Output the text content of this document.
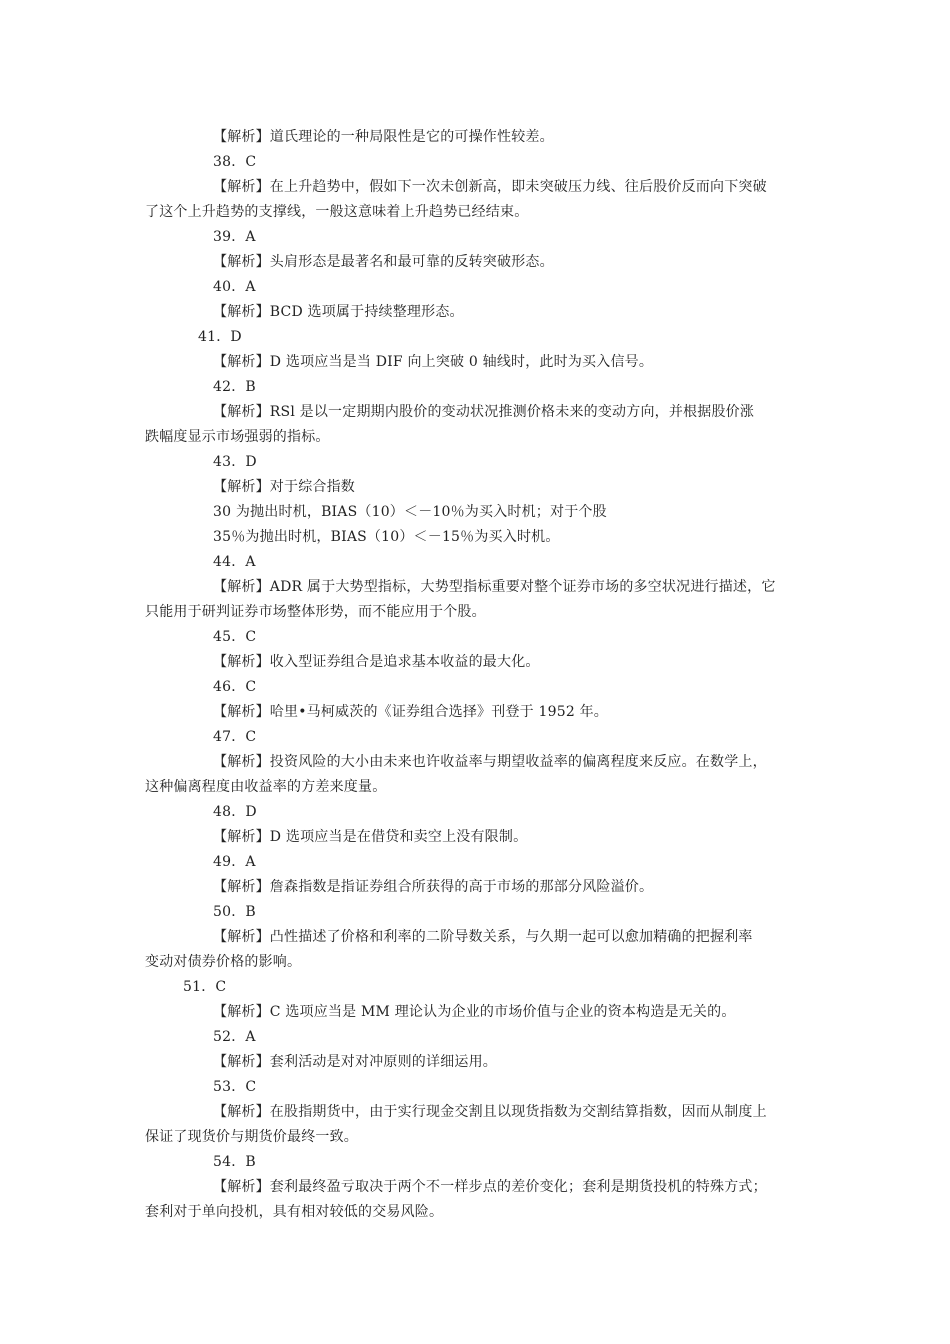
【解析】道氏理论的一种局限性是它的可操作性较差。
38．C
【解析】在上升趋势中，假如下一次未创新高，即未突破压力线、往后股价反而向下突破
了这个上升趋势的支撑线，一般这意味着上升趋势已经结束。
39．A
【解析】头肩形态是最著名和最可靠的反转突破形态。
40．A
【解析】BCD 选项属于持续整理形态。
41．D
【解析】D 选项应当是当 DIF 向上突破 0 轴线时，此时为买入信号。
42．B
【解析】RSl 是以一定期期内股价的变动状况推测价格未来的变动方向，并根据股价涨
跌幅度显示市场强弱的指标。
43．D
【解析】对于综合指数
30 为抛出时机，BIAS（10）＜－10％为买入时机；对于个股
35％为抛出时机，BIAS（10）＜－15％为买入时机。
44．A
【解析】ADR 属于大势型指标，大势型指标重要对整个证券市场的多空状况进行描述，它
只能用于研判证券市场整体形势，而不能应用于个股。
45．C
【解析】收入型证券组合是追求基本收益的最大化。
46．C
【解析】哈里•马柯威茨的《证券组合选择》刊登于 1952 年。
47．C
【解析】投资风险的大小由未来也许收益率与期望收益率的偏离程度来反应。在数学上，
这种偏离程度由收益率的方差来度量。
48．D
【解析】D 选项应当是在借贷和卖空上没有限制。
49．A
【解析】詹森指数是指证券组合所获得的高于市场的那部分风险溢价。
50．B
【解析】凸性描述了价格和利率的二阶导数关系，与久期一起可以愈加精确的把握利率
变动对债券价格的影响。
51．C
【解析】C 选项应当是 MM 理论认为企业的市场价值与企业的资本构造是无关的。
52．A
【解析】套利活动是对对冲原则的详细运用。
53．C
【解析】在股指期货中，由于实行现金交割且以现货指数为交割结算指数，因而从制度上
保证了现货价与期货价最终一致。
54．B
【解析】套利最终盈亏取决于两个不一样步点的差价变化；套利是期货投机的特殊方式；
套利对于单向投机，具有相对较低的交易风险。
